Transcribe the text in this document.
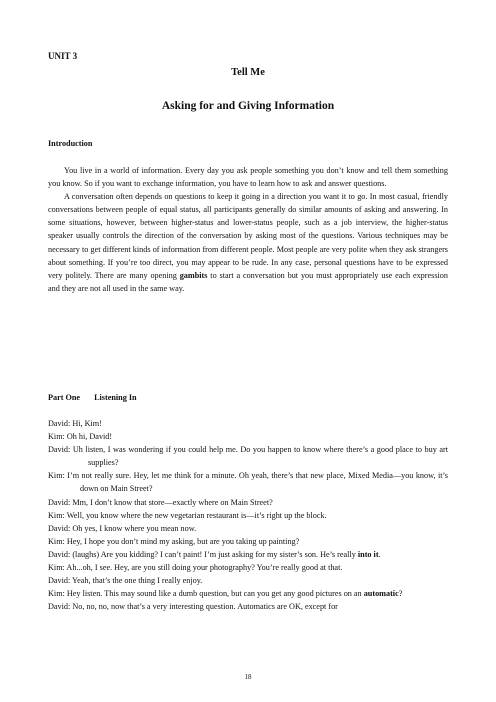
UNIT 3
Tell Me
Asking for and Giving Information
Introduction

You live in a world of information. Every day you ask people something you don’t know and tell them something you know. So if you want to exchange information, you have to learn how to ask and answer questions.

A conversation often depends on questions to keep it going in a direction you want it to go. In most casual, friendly conversations between people of equal status, all participants generally do similar amounts of asking and answering. In some situations, however, between higher-status and lower-status people, such as a job interview, the higher-status speaker usually controls the direction of the conversation by asking most of the questions. Various techniques may be necessary to get different kinds of information from different people. Most people are very polite when they ask strangers about something. If you’re too direct, you may appear to be rude. In any case, personal questions have to be expressed very politely. There are many opening gambits to start a conversation but you must appropriately use each expression and they are not all used in the same way.

Part One Listening In

David: Hi, Kim!

Kim: Oh hi, David!

David: Uh listen, I was wondering if you could help me. Do you happen to know where there’s a good place to buy art supplies?

Kim: I’m not really sure. Hey, let me think for a minute. Oh yeah, there’s that new place, Mixed Media—you know, it’s down on Main Street?

David: Mm, I don’t know that store—exactly where on Main Street?

Kim: Well, you know where the new vegetarian restaurant is—it’s right up the block.

David: Oh yes, I know where you mean now.

Kim: Hey, I hope you don’t mind my asking, but are you taking up painting?

David: (laughs) Are you kidding? I can’t paint! I’m just asking for my sister’s son. He’s really into it.

Kim: Ah...oh, I see. Hey, are you still doing your photography? You’re really good at that.

David: Yeah, that’s the one thing I really enjoy.

Kim: Hey listen. This may sound like a dumb question, but can you get any good pictures on an automatic?

David: No, no, no, now that’s a very interesting question. Automatics are OK, except for

18
